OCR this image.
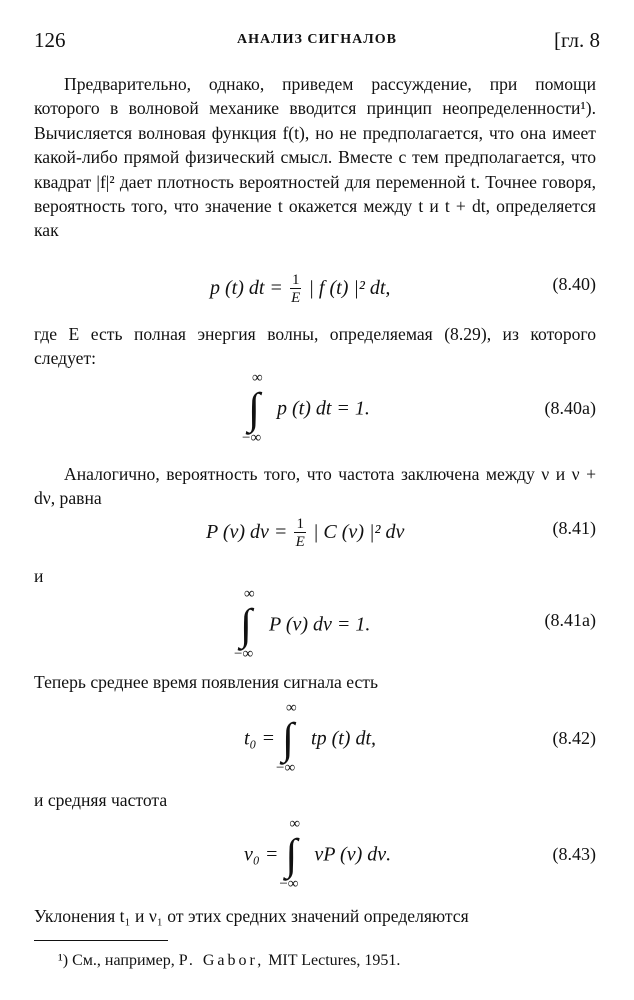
126	АНАЛИЗ СИГНАЛОВ	[гл. 8
Предварительно, однако, приведем рассуждение, при помощи которого в волновой механике вводится принцип неопределенности¹). Вычисляется волновая функция f(t), но не предполагается, что она имеет какой-либо прямой физический смысл. Вместе с тем предполагается, что квадрат |f|² дает плотность вероятностей для переменной t. Точнее говоря, вероятность того, что значение t окажется между t и t + dt, определяется как
p (t) dt = $\frac{1}{E}$ | f (t) |² dt,	(8.40)
где E есть полная энергия волны, определяемая (8.29), из которого следует:
∞
∫
−∞
p (t) dt = 1.	(8.40a)
Аналогично, вероятность того, что частота заключена между ν и ν + dν, равна
P (ν) $d\nu = \frac{1}{E}$ | C (ν) |² dν	(8.41)
и
∞
∫
−∞
P (ν) dν = 1.	(8.41a)
Теперь среднее время появления сигнала есть
t₀ =
∞
∫
−∞
tp (t) dt,	(8.42)
и средняя частота
ν₀ =
∞
∫
−∞
νP (ν) dν.	(8.43)
Уклонения t₁ и ν₁ от этих средних значений определяются
¹) См., например, P. Gabor, MIT Lectures, 1951.
